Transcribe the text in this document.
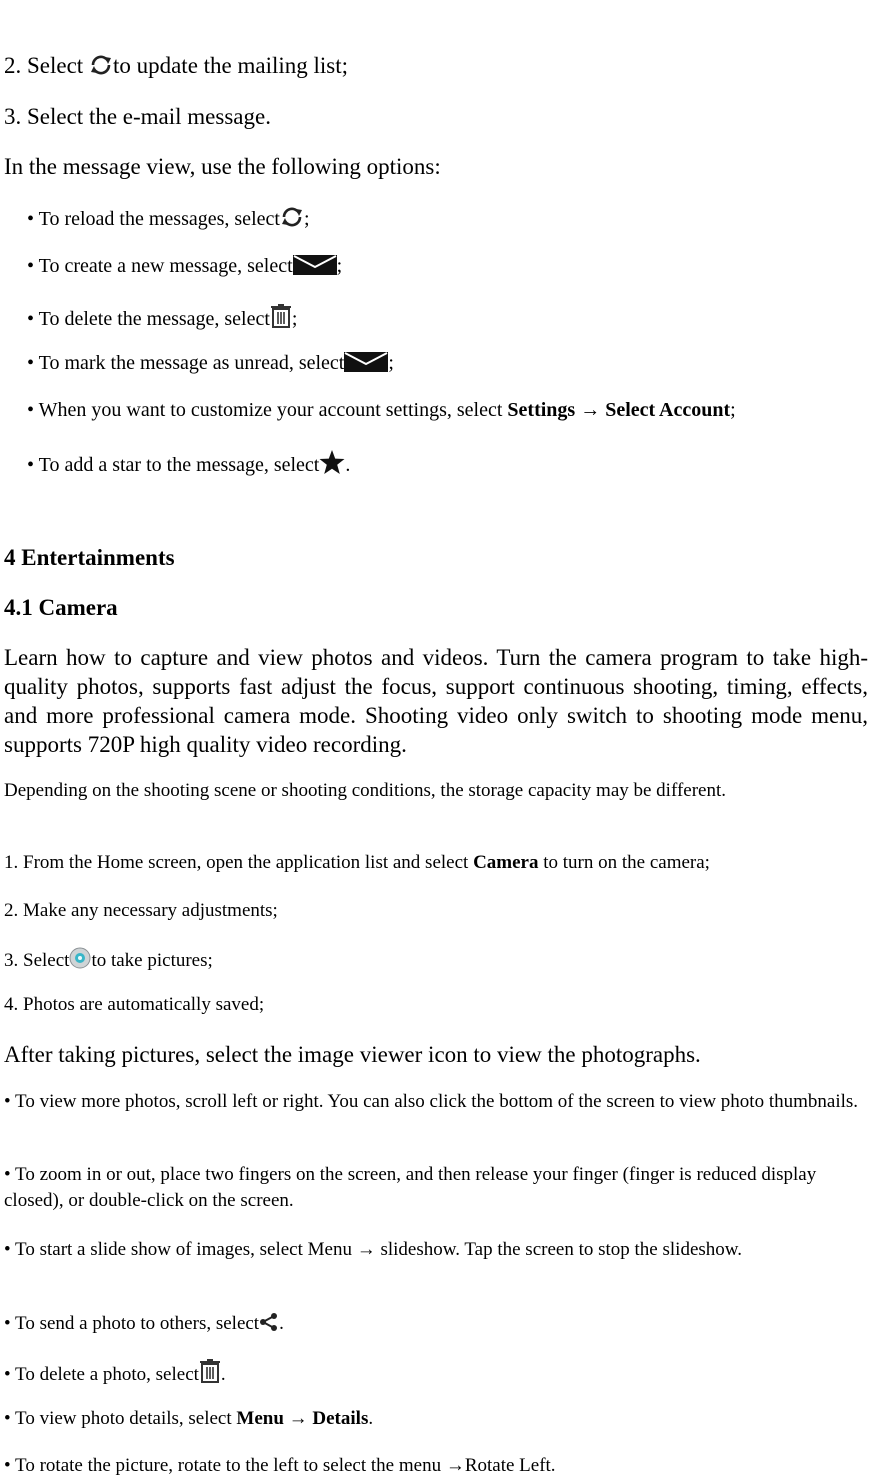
2. Select
to update the mailing list;
3. Select the e-mail message.
In the message view, use the following options:
• To reload the messages, select ;
• To create a new message, select ;
• To delete the message, select ;
• To mark the message as unread, select ;
• When you want to customize your account settings, select Settings → Select Account;
• To add a star to the message, select .
4 Entertainments
4.1 Camera
Learn how to capture and view photos and videos. Turn the camera program to take high-quality photos, supports fast adjust the focus, support continuous shooting, timing, effects, and more professional camera mode. Shooting video only switch to shooting mode menu, supports 720P high quality video recording.
Depending on the shooting scene or shooting conditions, the storage capacity may be different.
1. From the Home screen, open the application list and select Camera to turn on the camera;
2. Make any necessary adjustments;
3. Select to take pictures;
4. Photos are automatically saved;
After taking pictures, select the image viewer icon to view the photographs.
• To view more photos, scroll left or right. You can also click the bottom of the screen to view photo thumbnails.
• To zoom in or out, place two fingers on the screen, and then release your finger (finger is reduced display closed), or double-click on the screen.
• To start a slide show of images, select Menu → slideshow. Tap the screen to stop the slideshow.
• To send a photo to others, select .
• To delete a photo, select .
• To view photo details, select Menu → Details.
• To rotate the picture, rotate to the left to select the menu →Rotate Left.
